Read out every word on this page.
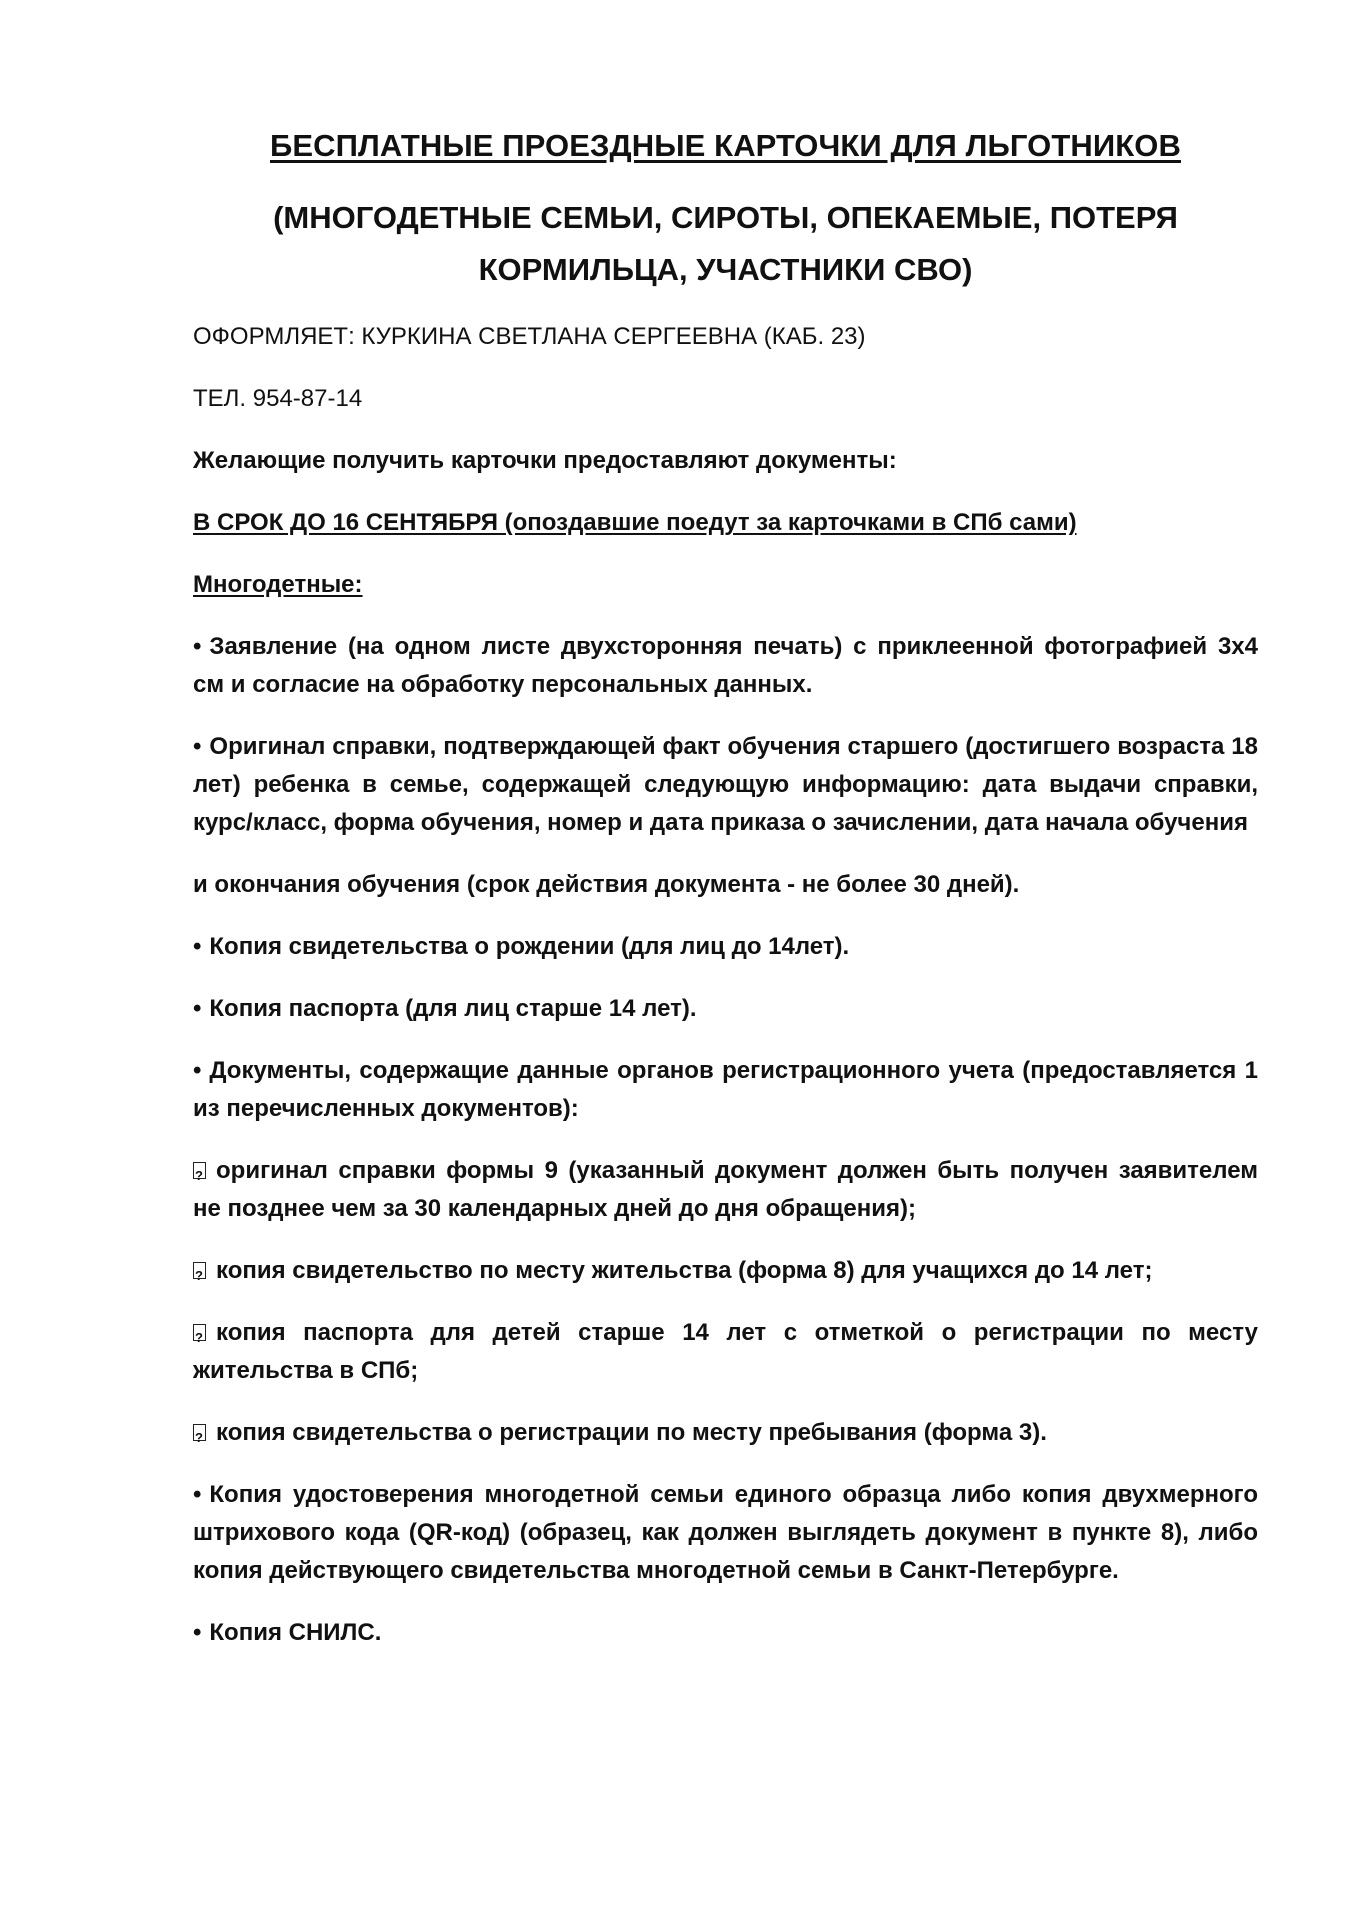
БЕСПЛАТНЫЕ ПРОЕЗДНЫЕ КАРТОЧКИ ДЛЯ ЛЬГОТНИКОВ
(МНОГОДЕТНЫЕ СЕМЬИ, СИРОТЫ, ОПЕКАЕМЫЕ, ПОТЕРЯ
КОРМИЛЬЦА, УЧАСТНИКИ СВО)
ОФОРМЛЯЕТ: КУРКИНА СВЕТЛАНА СЕРГЕЕВНА (КАБ. 23)
ТЕЛ. 954-87-14
Желающие получить карточки предоставляют документы:
В СРОК ДО 16 СЕНТЯБРЯ (опоздавшие поедут за карточками в СПб сами)
Многодетные:
• Заявление (на одном листе двухсторонняя печать) с приклеенной фотографией 3х4 см и согласие на обработку персональных данных.
• Оригинал справки, подтверждающей факт обучения старшего (достигшего возраста 18 лет) ребенка в семье, содержащей следующую информацию: дата выдачи справки, курс/класс, форма обучения, номер и дата приказа о зачислении, дата начала обучения
и окончания обучения (срок действия документа - не более 30 дней).
• Копия свидетельства о рождении (для лиц до 14лет).
• Копия паспорта (для лиц старше 14 лет).
• Документы, содержащие данные органов регистрационного учета (предоставляется 1 из перечисленных документов):
?оригинал справки формы 9 (указанный документ должен быть получен заявителем не позднее чем за 30 календарных дней до дня обращения);
?копия свидетельство по месту жительства (форма 8) для учащихся до 14 лет;
?копия паспорта для детей старше 14 лет с отметкой о регистрации по месту жительства в СПб;
?копия свидетельства о регистрации по месту пребывания (форма 3).
• Копия удостоверения многодетной семьи единого образца либо копия двухмерного штрихового кода (QR-код) (образец, как должен выглядеть документ в пункте 8), либо копия действующего свидетельства многодетной семьи в Санкт-Петербурге.
• Копия СНИЛС.
